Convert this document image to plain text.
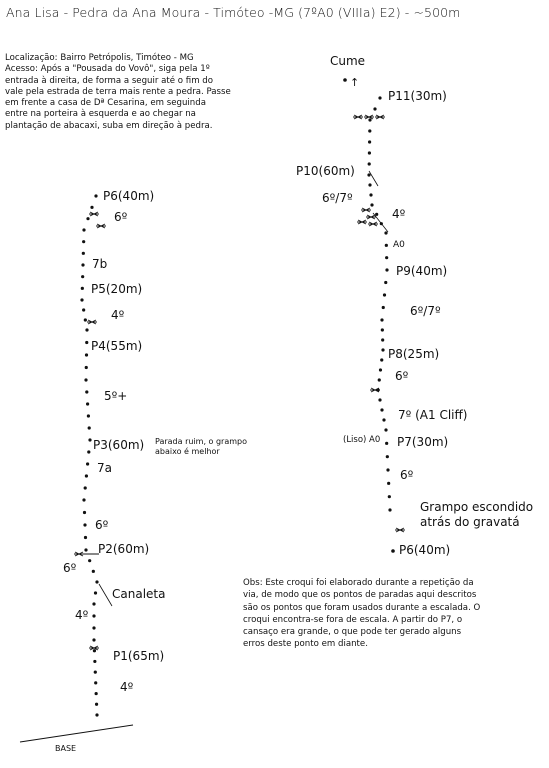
Ana Lisa - Pedra da Ana Moura - Timóteo -MG (7ºA0 (VIIIa) E2) - ~500m
Localização: Bairro Petrópolis, Timóteo - MG
Acesso: Após a "Pousada do Vovô", siga pela 1º
entrada à direita, de forma a seguir até o fim do
vale pela estrada de terra mais rente a pedra. Passe
em frente a casa de Dª Cesarina, em seguinda
entre na porteira à esquerda e ao chegar na
plantação de abacaxi, suba em direção à pedra.
Obs: Este croqui foi elaborado durante a repetição da
via, de modo que os pontos de paradas aqui descritos
são os pontos que foram usados durante a escalada. O
croqui encontra-se fora de escala. A partir do P7, o
cansaço era grande, o que pode ter gerado alguns
erros deste ponto em diante.
BASE
P1(65m)
4º
4º
Canaleta
P2(60m)
6º
6º
7a
P3(60m) Parada ruim, o grampo
abaixo é melhor
5º+
P4(55m)
4º
P5(20m)
7b
6º
P6(40m)
P6(40m)
Grampo escondido
atrás do gravatá
6º
P7(30m)
(Liso) A0
7º (A1 Cliff)
6º
P8(25m)
6º/7º
P9(40m)
A0
4º
6º/7º
P10(60m)
P11(30m)
↑
Cume
